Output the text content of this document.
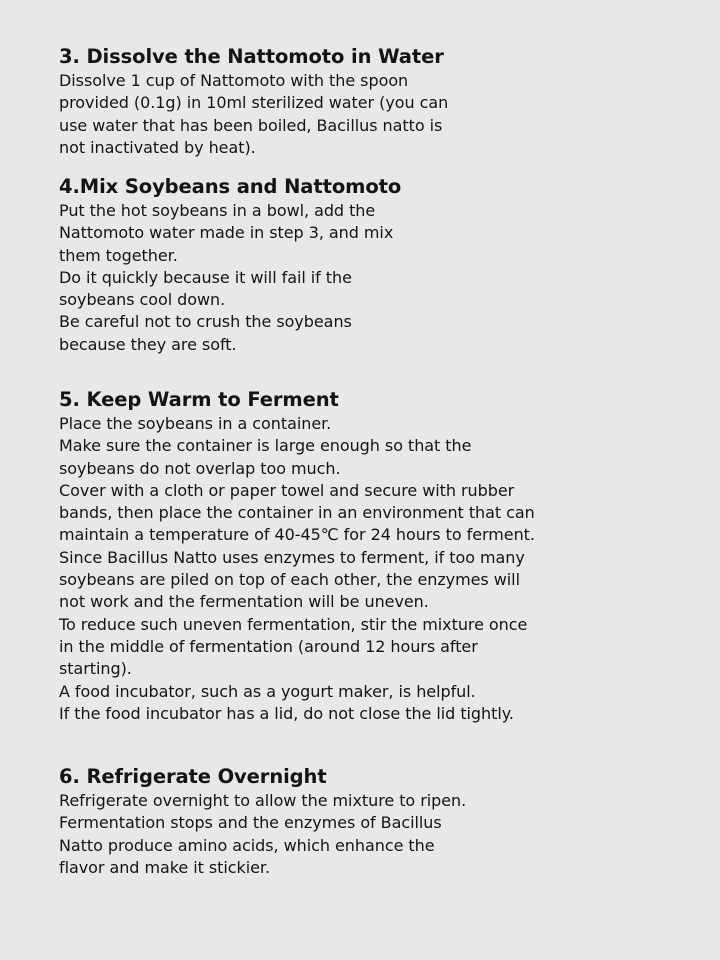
3. Dissolve the Nattomoto in Water
Dissolve 1 cup of Nattomoto with the spoon
provided (0.1g) in 10ml sterilized water (you can
use water that has been boiled, Bacillus natto is
not inactivated by heat).
4.Mix Soybeans and Nattomoto
Put the hot soybeans in a bowl, add the
Nattomoto water made in step 3, and mix
them together.
Do it quickly because it will fail if the
soybeans cool down.
Be careful not to crush the soybeans
because they are soft.
5. Keep Warm to Ferment
Place the soybeans in a container.
Make sure the container is large enough so that the
soybeans do not overlap too much.
Cover with a cloth or paper towel and secure with rubber
bands, then place the container in an environment that can
maintain a temperature of 40-45℃ for 24 hours to ferment.
Since Bacillus Natto uses enzymes to ferment, if too many
soybeans are piled on top of each other, the enzymes will
not work and the fermentation will be uneven.
To reduce such uneven fermentation, stir the mixture once
in the middle of fermentation (around 12 hours after
starting).
A food incubator, such as a yogurt maker, is helpful.
If the food incubator has a lid, do not close the lid tightly.
6. Refrigerate Overnight
Refrigerate overnight to allow the mixture to ripen.
Fermentation stops and the enzymes of Bacillus
Natto produce amino acids, which enhance the
flavor and make it stickier.
